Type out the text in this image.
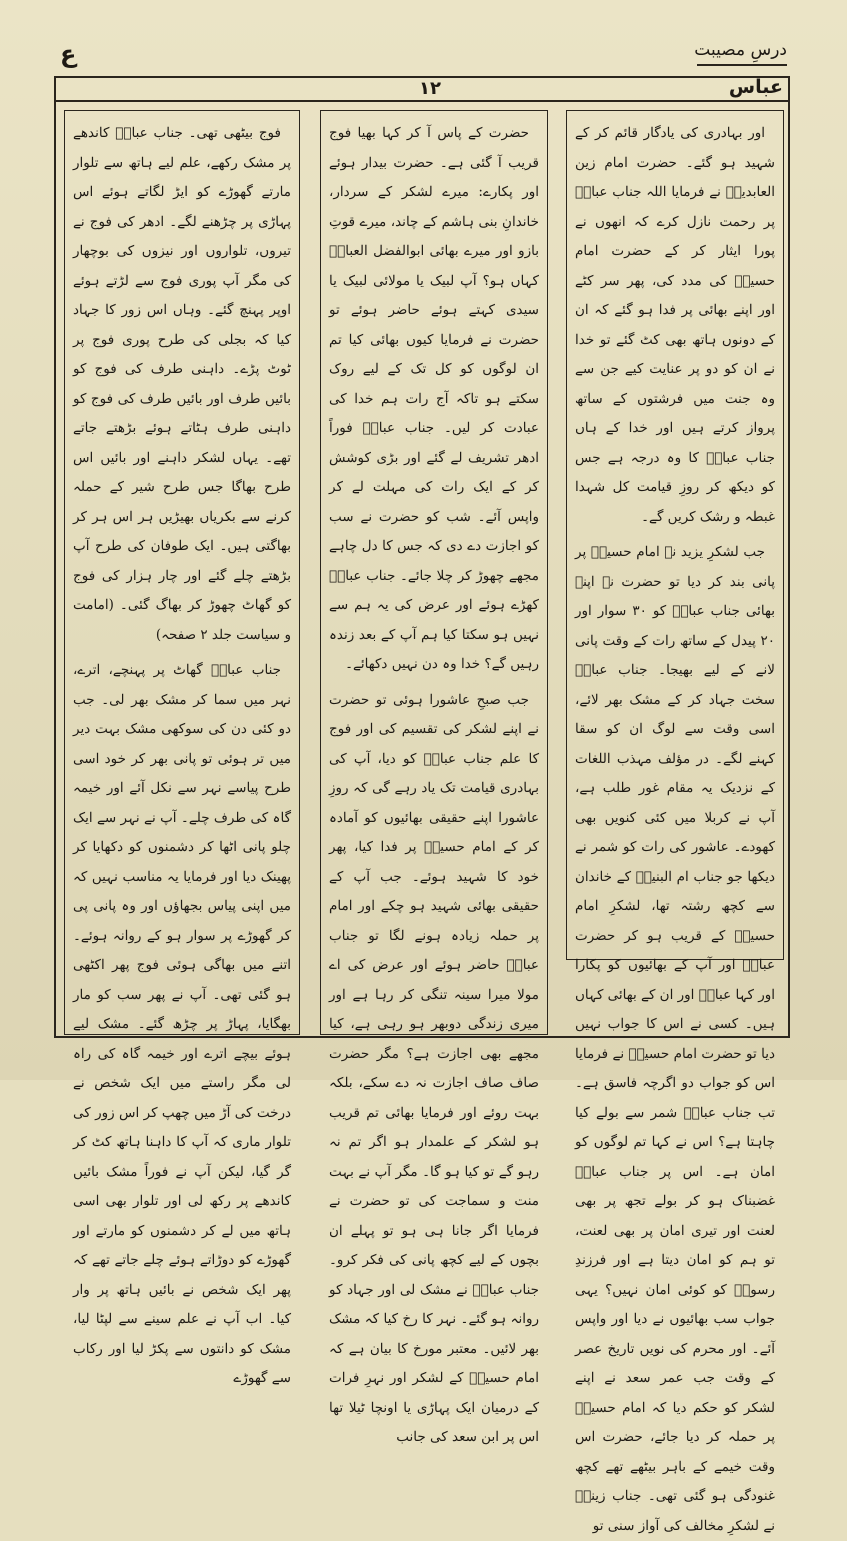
ع	درسِ مصیبت
۱۲	عباس

اور بہادری کی یادگار قائم کر کے شہید ہو گئے۔ حضرت امام زین العابدینؑ نے فرمایا اللہ جناب عباسؑ پر رحمت نازل کرے کہ انھوں نے پورا ایثار کر کے حضرت امام حسینؑ کی مدد کی، پھر سر کٹے اور اپنے بھائی پر فدا ہو گئے کہ ان کے دونوں ہاتھ بھی کٹ گئے تو خدا نے ان کو دو پر عنایت کیے جن سے وہ جنت میں فرشتوں کے ساتھ پرواز کرتے ہیں اور خدا کے ہاں جناب عباسؑ کا وہ درجہ ہے جس کو دیکھ کر روزِ قیامت کل شہدا غبطہ و رشک کریں گے۔

جب لشکرِ یزید نے امام حسینؑ پر پانی بند کر دیا تو حضرت نے اپنے بھائی جناب عباسؑ کو ۳۰ سوار اور ۲۰ پیدل کے ساتھ رات کے وقت پانی لانے کے لیے بھیجا۔ جناب عباسؑ سخت جہاد کر کے مشک بھر لائے، اسی وقت سے لوگ ان کو سقا کہنے لگے۔ در مؤلف مہذب اللغات کے نزدیک یہ مقام غور طلب ہے، آپ نے کربلا میں کئی کنویں بھی کھودے۔ عاشور کی رات کو شمر نے دیکھا جو جناب ام البنینؑ کے خاندان سے کچھ رشتہ تھا، لشکرِ امام حسینؑ کے قریب ہو کر حضرت عباسؑ اور آپ کے بھائیوں کو پکارا اور کہا عباسؑ اور ان کے بھائی کہاں ہیں۔ کسی نے اس کا جواب نہیں دیا تو حضرت امام حسینؑ نے فرمایا اس کو جواب دو اگرچہ فاسق ہے۔ تب جناب عباسؑ شمر سے بولے کیا چاہتا ہے؟ اس نے کہا تم لوگوں کو امان ہے۔ اس پر جناب عباسؑ غضبناک ہو کر بولے تجھ پر بھی لعنت اور تیری امان پر بھی لعنت، تو ہم کو امان دیتا ہے اور فرزندِ رسولؐ کو کوئی امان نہیں؟ یہی جواب سب بھائیوں نے دیا اور واپس آئے۔ اور محرم کی نویں تاریخ عصر کے وقت جب عمر سعد نے اپنے لشکر کو حکم دیا کہ امام حسینؑ پر حملہ کر دیا جائے، حضرت اس وقت خیمے کے باہر بیٹھے تھے کچھ غنودگی ہو گئی تھی۔ جناب زینبؑ نے لشکرِ مخالف کی آواز سنی تو

حضرت کے پاس آ کر کہا بھیا فوج قریب آ گئی ہے۔ حضرت بیدار ہوئے اور پکارے: میرے لشکر کے سردار، خاندانِ بنی ہاشم کے چاند، میرے قوتِ بازو اور میرے بھائی ابوالفضل العباسؑ کہاں ہو؟ آپ لبیک یا مولائی لبیک یا سیدی کہتے ہوئے حاضر ہوئے تو حضرت نے فرمایا کیوں بھائی کیا تم ان لوگوں کو کل تک کے لیے روک سکتے ہو تاکہ آج رات ہم خدا کی عبادت کر لیں۔ جناب عباسؑ فوراً ادھر تشریف لے گئے اور بڑی کوشش کر کے ایک رات کی مہلت لے کر واپس آئے۔ شب کو حضرت نے سب کو اجازت دے دی کہ جس کا دل چاہے مجھے چھوڑ کر چلا جائے۔ جناب عباسؑ کھڑے ہوئے اور عرض کی یہ ہم سے نہیں ہو سکتا کیا ہم آپ کے بعد زندہ رہیں گے؟ خدا وہ دن نہیں دکھائے۔

جب صبحِ عاشورا ہوئی تو حضرت نے اپنے لشکر کی تقسیم کی اور فوج کا علم جناب عباسؑ کو دیا، آپ کی بہادری قیامت تک یاد رہے گی کہ روزِ عاشورا اپنے حقیقی بھائیوں کو آمادہ کر کے امام حسینؑ پر فدا کیا، پھر خود کا شہید ہوئے۔ جب آپ کے حقیقی بھائی شہید ہو چکے اور امام پر حملہ زیادہ ہونے لگا تو جناب عباسؑ حاضر ہوئے اور عرض کی اے مولا میرا سینہ تنگی کر رہا ہے اور میری زندگی دوبھر ہو رہی ہے، کیا مجھے بھی اجازت ہے؟ مگر حضرت صاف صاف اجازت نہ دے سکے، بلکہ بہت روئے اور فرمایا بھائی تم قریب ہو لشکر کے علمدار ہو اگر تم نہ رہو گے تو کیا ہو گا۔ مگر آپ نے بہت منت و سماجت کی تو حضرت نے فرمایا اگر جانا ہی ہو تو پہلے ان بچوں کے لیے کچھ پانی کی فکر کرو۔ جناب عباسؑ نے مشک لی اور جہاد کو روانہ ہو گئے۔ نہر کا رخ کیا کہ مشک بھر لائیں۔ معتبر مورخ کا بیان ہے کہ امام حسینؑ کے لشکر اور نہرِ فرات کے درمیان ایک پہاڑی یا اونچا ٹیلا تھا اس پر ابن سعد کی جانب

فوج بیٹھی تھی۔ جناب عباسؑ کاندھے پر مشک رکھے، علم لیے ہاتھ سے تلوار مارتے گھوڑے کو ایڑ لگاتے ہوئے اس پہاڑی پر چڑھنے لگے۔ ادھر کی فوج نے تیروں، تلواروں اور نیزوں کی بوچھار کی مگر آپ پوری فوج سے لڑتے ہوئے اوپر پہنچ گئے۔ وہاں اس زور کا جہاد کیا کہ بجلی کی طرح پوری فوج پر ٹوٹ پڑے۔ داہنی طرف کی فوج کو بائیں طرف اور بائیں طرف کی فوج کو داہنی طرف ہٹاتے ہوئے بڑھتے جاتے تھے۔ یہاں لشکر داہنے اور بائیں اس طرح بھاگا جس طرح شیر کے حملہ کرنے سے بکریاں بھیڑیں ہر اس ہر کر بھاگتی ہیں۔ ایک طوفان کی طرح آپ بڑھتے چلے گئے اور چار ہزار کی فوج کو گھاٹ چھوڑ کر بھاگ گئی۔ (امامت و سیاست جلد ۲ صفحہ)

جناب عباسؑ گھاٹ پر پہنچے، اترے، نہر میں سما کر مشک بھر لی۔ جب دو کئی دن کی سوکھی مشک بہت دیر میں تر ہوئی تو پانی بھر کر خود اسی طرح پیاسے نہر سے نکل آئے اور خیمہ گاہ کی طرف چلے۔ آپ نے نہر سے ایک چلو پانی اٹھا کر دشمنوں کو دکھایا کر پھینک دیا اور فرمایا یہ مناسب نہیں کہ میں اپنی پیاس بجھاؤں اور وہ پانی پی کر گھوڑے پر سوار ہو کے روانہ ہوئے۔ اتنے میں بھاگی ہوئی فوج پھر اکٹھی ہو گئی تھی۔ آپ نے پھر سب کو مار بھگایا، پہاڑ پر چڑھ گئے۔ مشک لیے ہوئے بیچے اترے اور خیمہ گاہ کی راہ لی مگر راستے میں ایک شخص نے درخت کی آڑ میں چھپ کر اس زور کی تلوار ماری کہ آپ کا داہنا ہاتھ کٹ کر گر گیا، لیکن آپ نے فوراً مشک بائیں کاندھے پر رکھ لی اور تلوار بھی اسی ہاتھ میں لے کر دشمنوں کو مارتے اور گھوڑے کو دوڑاتے ہوئے چلے جاتے تھے کہ پھر ایک شخص نے بائیں ہاتھ پر وار کیا۔ اب آپ نے علم سینے سے لپٹا لیا، مشک کو دانتوں سے پکڑ لیا اور رکاب سے گھوڑے
